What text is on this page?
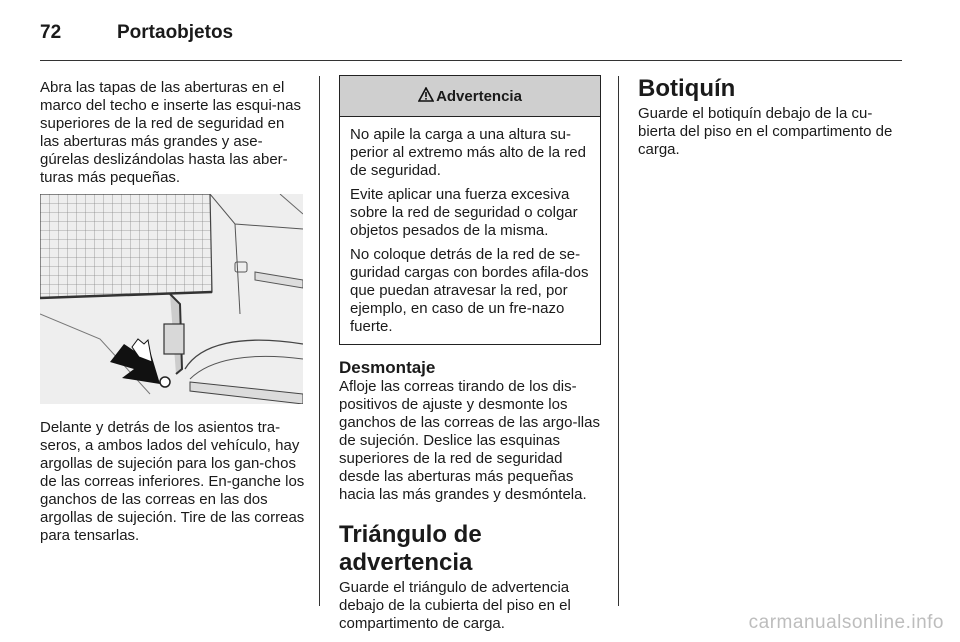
72	Portaobjetos

Abra las tapas de las aberturas en el marco del techo e inserte las esqui-nas superiores de la red de seguridad en las aberturas más grandes y ase-gúrelas deslizándolas hasta las aber-turas más pequeñas.

Delante y detrás de los asientos tra-seros, a ambos lados del vehículo, hay argollas de sujeción para los gan-chos de las correas inferiores. En-ganche los ganchos de las correas en las dos argollas de sujeción. Tire de las correas para tensarlas.

Advertencia

No apile la carga a una altura su-perior al extremo más alto de la red de seguridad.

Evite aplicar una fuerza excesiva sobre la red de seguridad o colgar objetos pesados de la misma.

No coloque detrás de la red de se-guridad cargas con bordes afila-dos que puedan atravesar la red, por ejemplo, en caso de un fre-nazo fuerte.

Desmontaje

Afloje las correas tirando de los dis-positivos de ajuste y desmonte los ganchos de las correas de las argo-llas de sujeción. Deslice las esquinas superiores de la red de seguridad desde las aberturas más pequeñas hacia las más grandes y desmóntela.

Triángulo de advertencia

Guarde el triángulo de advertencia debajo de la cubierta del piso en el compartimento de carga.

Botiquín

Guarde el botiquín debajo de la cu-bierta del piso en el compartimento de carga.

carmanualsonline.info
